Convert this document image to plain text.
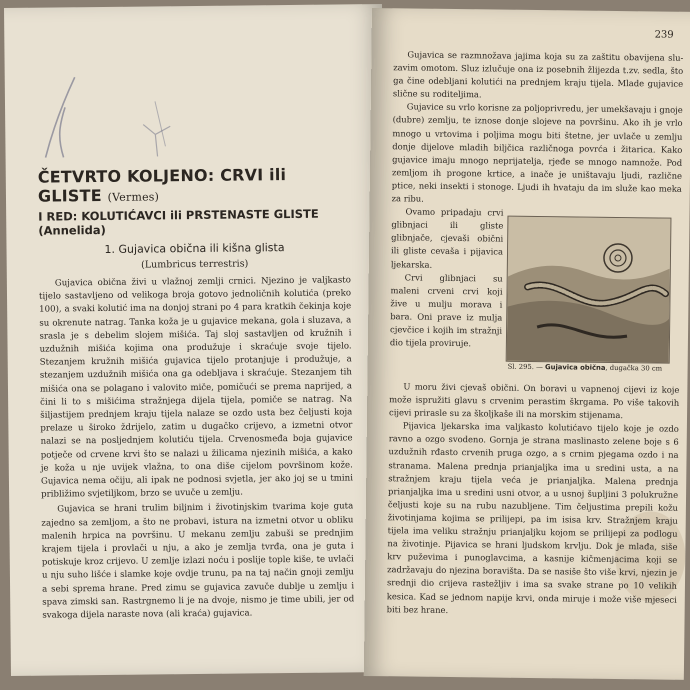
ČETVRTO KOLJENO: CRVI ili GLISTE (Vermes)

I RED: KOLUTIĆAVCI ili PRSTENASTE GLISTE (Annelida)

1. Gujavica obična ili kišna glista

(Lumbricus terrestris)

Gujavica obična živi u vlažnoj zemlji crnici. Njezino je valjkasto tijelo sastavljeno od velikoga broja gotovo jednoličnih kolutića (preko 100), a svaki kolutić ima na donjoj strani po 4 para kratkih čekinja koje su okrenute natrag. Tanka koža je u gujavice mekana, gola i sluzava, a srasla je s debelim slojem mišića. Taj sloj sastavljen od kružnih i uzdužnih mišića kojima ona produžuje i skraćuje svoje tijelo. Stezanjem kružnih mišića gujavica tijelo protanjuje i produžuje, a stezanjem uzdužnih mišića ona ga odebljava i skraćuje. Stezanjem tih mišića ona se polagano i valovito miče, pomičući se prema naprijed, a čini li to s mišićima stražnjega dijela tijela, pomiče se natrag. Na šiljastijem prednjem kraju tijela nalaze se ozdo usta bez čeljusti koja prelaze u široko ždrijelo, zatim u dugačko crijevo, a izmetni otvor nalazi se na posljednjem kolutiću tijela. Crvenosmeđa boja gujavice potječe od crvene krvi što se nalazi u žilicama njezinih mišića, a kako je koža u nje uvijek vlažna, to ona diše cijelom površinom kože. Gujavica nema očiju, ali ipak ne podnosi svjetla, jer ako joj se u tmini približimo svjetiljkom, brzo se uvuče u zemlju.

Gujavica se hrani trulim biljnim i životinjskim tvarima koje guta zajedno sa zemljom, a što ne probavi, istura na izmetni otvor u obliku malenih hrpica na površinu. U mekanu zemlju zabuši se prednjim krajem tijela i provlači u nju, a ako je zemlja tvrđa, ona je guta i potiskuje kroz crijevo. U zemlje izlazi noću i poslije tople kiše, te uvlači u nju suho lišće i slamke koje ovdje trunu, pa na taj način gnoji zemlju a sebi sprema hrane. Pred zimu se gujavica zavuče dublje u zemlju i spava zimski san. Rastrgnemo li je na dvoje, nismo je time ubili, jer od svakoga dijela naraste nova (ali kraća) gujavica.

239

Gujavica se razmnožava jajima koja su za zaštitu obavijena slu-zavim omotom. Sluz izlučuje ona iz posebnih žlijezda t.zv. sedla, što ga čine odebljani kolutići na prednjem kraju tijela. Mlade gujavice slične su roditeljima.

Gujavice su vrlo korisne za poljoprivredu, jer umekšavaju i gnoje (dubre) zemlju, te iznose donje slojeve na površinu. Ako ih je vrlo mnogo u vrtovima i poljima mogu biti štetne, jer uvlače u zemlju donje dijelove mladih biljčica različnoga povrća i žitarica. Kako gujavice imaju mnogo neprijatelja, rjeđe se mnogo namnože. Pod zemljom ih progone krtice, a inače je uništavaju ljudi, različne ptice, neki insekti i stonoge. Ljudi ih hvataju da im služe kao meka za ribu.

Ovamo pripadaju crvi glibnjaci ili gliste glibnjače, cjevaši obični ili gliste cevaša i pijavica ljekarska.

Crvi glibnjaci su maleni crveni crvi koji žive u mulju morava i bara. Oni prave iz mulja cjevčice i kojih im stražnji dio tijela proviruje.

Sl. 295. — Gujavica obična, dugačka 30 cm

U moru živi cjevaš obični. On boravi u vapnenoj cijevi iz koje može ispružiti glavu s crvenim perastim škrgama. Po više takovih cijevi prirasle su za školjkaše ili na morskim stijenama.

Pijavica ljekarska ima valjkasto kolutićavo tijelo koje je ozdo ravno a ozgo svodeno. Gornja je strana maslinasto zelene boje s 6 uzdužnih rđasto crvenih pruga ozgo, a s crnim pjegama ozdo i na stranama. Malena prednja prianjaljka ima u sredini usta, a na stražnjem kraju tijela veća je prianjaljka. Malena prednja prianjaljka ima u sredini usni otvor, a u usnoj šupljini 3 polukružne čeljusti koje su na rubu nazubljene. Tim čeljustima prepili kožu životinjama kojima se prilijepi, pa im isisa krv. Stražnjem kraju tijela ima veliku stražnju prianjaljku kojom se prilijepi za podlogu na životinje. Pijavica se hrani ljudskom krvlju. Dok je mlađa, siše krv puževima i punoglavcima, a kasnije kičmenjacima koji se zadržavaju do njezina boravišta. Da se nasiše što više krvi, njezin je srednji dio crijeva rastežljiv i ima sa svake strane po 10 velikih kesica. Kad se jednom napije krvi, onda miruje i može više mjeseci biti bez hrane.
